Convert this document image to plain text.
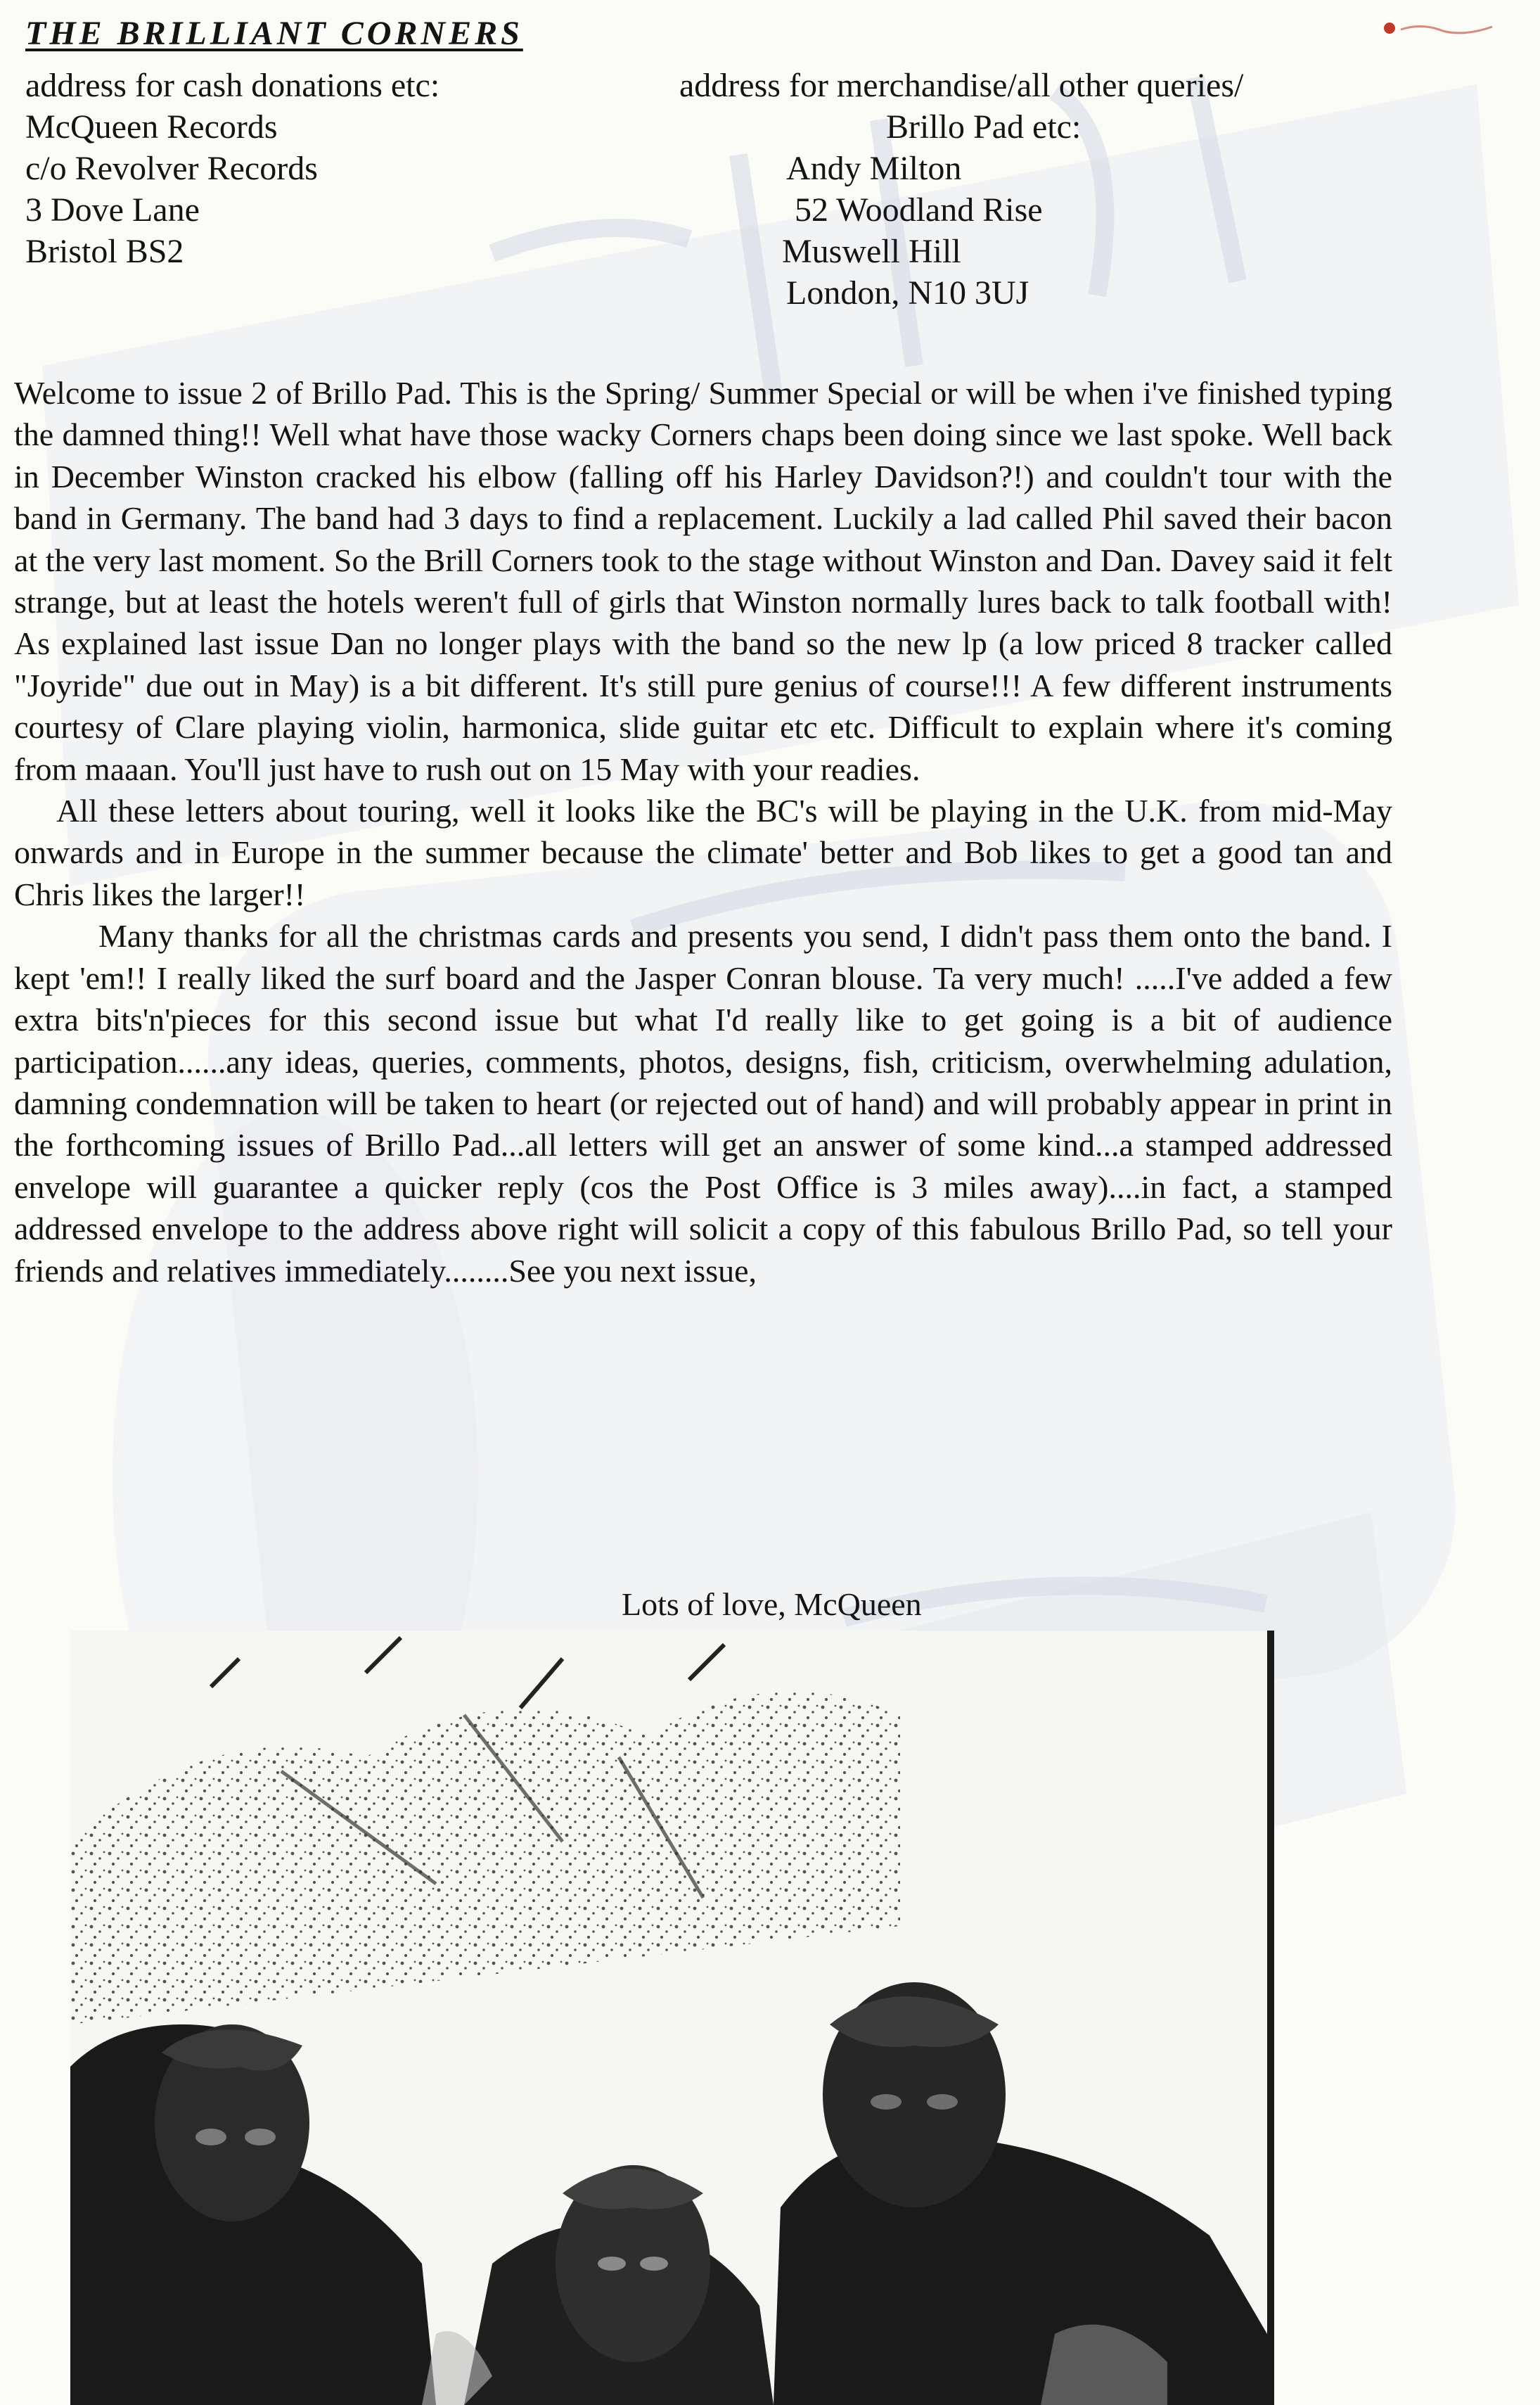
THE BRILLIANT CORNERS
address for cash donations etc:
McQueen Records
c/o Revolver Records
3 Dove Lane
Bristol BS2
address for merchandise/all other queries/
Brillo Pad etc:
Andy Milton
52 Woodland Rise
Muswell Hill
London, N10 3UJ

Welcome to issue 2 of Brillo Pad. This is the Spring/ Summer Special or will be when i've finished typing the damned thing!! Well what have those wacky Corners chaps been doing since we last spoke. Well back in December Winston cracked his elbow (falling off his Harley Davidson?!) and couldn't tour with the band in Germany. The band had 3 days to find a replacement. Luckily a lad called Phil saved their bacon at the very last moment. So the Brill Corners took to the stage without Winston and Dan. Davey said it felt strange, but at least the hotels weren't full of girls that Winston normally lures back to talk football with! As explained last issue Dan no longer plays with the band so the new lp (a low priced 8 tracker called "Joyride" due out in May) is a bit different. It's still pure genius of course!!! A few different instruments courtesy of Clare playing violin, harmonica, slide guitar etc etc. Difficult to explain where it's coming from maaan. You'll just have to rush out on 15 May with your readies.

All these letters about touring, well it looks like the BC's will be playing in the U.K. from mid-May onwards and in Europe in the summer because the climate' better and Bob likes to get a good tan and Chris likes the larger!!

Many thanks for all the christmas cards and presents you send, I didn't pass them onto the band. I kept 'em!! I really liked the surf board and the Jasper Conran blouse. Ta very much! .....I've added a few extra bits'n'pieces for this second issue but what I'd really like to get going is a bit of audience participation......any ideas, queries, comments, photos, designs, fish, criticism, overwhelming adulation, damning condemnation will be taken to heart (or rejected out of hand) and will probably appear in print in the forthcoming issues of Brillo Pad...all letters will get an answer of some kind...a stamped addressed envelope will guarantee a quicker reply (cos the Post Office is 3 miles away)....in fact, a stamped addressed envelope to the address above right will solicit a copy of this fabulous Brillo Pad, so tell your friends and relatives immediately........See you next issue,

Lots of love, McQueen
